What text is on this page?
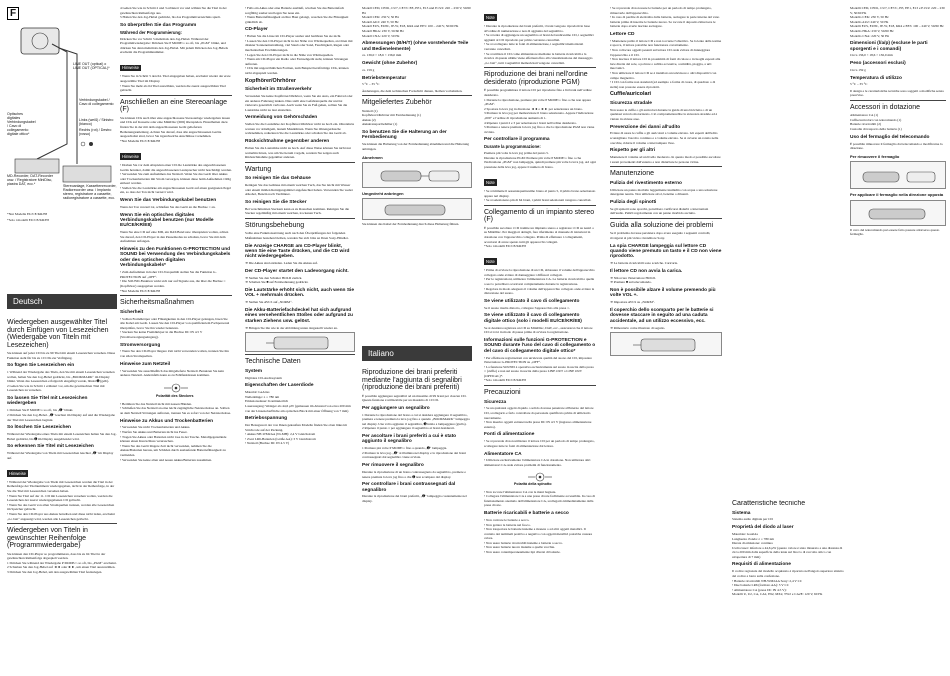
F
LINE OUT (optical) o LINE OUT (OPTICAL)*
Optisches digitales Verbindungskabel / Cavo di collegamento digitale ottico*
Verbindungskabel / Cavo di collegamento
Links (weiß) / Sinistro (bianco)
Rechts (rot) / Destro (rosso)
MD-Recorder, DAT-Recorder usw. / Registratore MiniDisc, piastra DAT, ecc.*	Stereoanlage, Kassettenrecorder, Radiorecorder usw. / Impianto stereo, registratore a cassette, radioregistratore a cassette, ecc.
*Nur Modelle EU/CE/KR/E8
*Solo i modelli EU/CE/KR/E8
Deutsch
Wiedergeben ausgewählter Titel durch Einfügen von Lesezeichen (Wiedergabe von Titeln mit Lesezeichen)
Sie können auf jeder CD bis zu 99 Titel mit einem Lesezeichen versehen. Diese Funktion steht für bis zu 10 CDs zur Verfügung.
So fügen Sie Lesezeichen ein
1 Während der Wiedergabe des Titels, den Sie mit einem Lesezeichen versehen wollen, halten Sie den Jog-Hebel gedrückt, bis „BOOKMARK“ im Display blinkt. Wenn das Lesezeichen erfolgreich eingefügt wurde, blinkt ➊ (gelb).
2 Gehen Sie wie in Schritt 1 erläutert vor, um die gewünschten Titel mit Lesezeichen zu versehen.
So lassen Sie Titel mit Lesezeichen wiedergeben
1 Drücken Sie P MODE/⌂ so oft, bis „➊“ blinkt.
2 Drücken Sie den Jog-Hebel. „➊“ leuchtet im Display auf und die Wiedergabe der Titel mit Lesezeichen beginnt.
So löschen Sie Lesezeichen
Während der Wiedergabe eines Titels mit einem Lesezeichen halten Sie den Jog-Hebel gedrückt, bis ➊ im Display ausgeblendet wird.
So erkennen Sie Titel mit Lesezeichen
Während der Wiedergabe von Titeln mit Lesezeichen leuchtet „➊“ im Display auf.
Hinweise
• Während der Wiedergabe von Titeln mit Lesezeichen werden die Titel in der Reihenfolge der Titelnummern wiedergegeben, nicht in der Reihenfolge, in der Sie die Titel mit Lesezeichen versehen haben.
• Wenn Sie Titel auf der 11. CD mit Lesezeichen versehen wollen, werden die Lesezeichen der zuerst wiedergegebenen CD gelöscht.
• Wenn Sie das Gerät von allen Stromquellen trennen, werden alle Lesezeichen im Speicher gelöscht.
• Wenn Sie den CD-Player aus Akkus betreiben und diese nicht laden, erscheint „Lo batt“ angezeigt wird, werden alle Lesezeichen gelöscht.
Wiedergeben von Titeln in gewünschter Reihenfolge (Programmwiedergabe)
Sie können den CD-Player so programmieren, dass bis zu 64 Titel in der gewünschten Reihenfolge abgespielt werden.
1 Drücken Sie während der Wiedergabe P MODE/⌂ so oft, bis „PGM“ erscheint.
2 Schieben Sie den Jog-Hebel auf ◄◄ oder ►►, um einen Titel auszuwählen.
3 Drücken Sie den Jog-Hebel, um den ausgewählten Titel festzulegen.
4 Gehen Sie wie in Schritt 2 und 3 erläutert vor und wählen Sie die Titel in der gewünschten Reihenfolge aus.
5 Halten Sie den Jog-Hebel gedrückt, bis das Programmverzeichnis spielt.
So überprüfen Sie das Programm
Während der Programmierung:
Drücken Sie vor Schritt 5 mehrmals den Jog-Hebel. Während der Programmwiedergabe: Drücken Sie P MODE/⌂ so oft, bis „PGM“ blinkt, und drücken Sie dann mehrmals den Jog-Hebel. Mit jedem Drücken des Jog-Hebels erscheint die Programmnummer.
Hinweise
• Wenn Sie in Schritt 5 den 64. Titel eingegeben haben, erscheint wieder der erste ausgewählte Titel im Display.
• Wenn Sie mehr als 64 Titel auswählen, werden die zuerst ausgewählten Titel gelöscht.
Anschließen an eine Stereoanlage (F)
Sie können CDs auch über eine angeschlossene Stereoanlage wiedergeben lassen und CDs auf Kassette oder eine MiniDisc (MD) überspielen. Einzelheiten dazu finden Sie in der mit dem angeschlossenen Gerät gelieferten Bedienungsanleitung. Achten Sie darauf, dass alle angeschlossenen Geräte ausgeschaltet sind, bevor Sie irgendwelche Anschlüsse vornehmen.
*Nur Modelle EU/CE/KR/E8
Hinweise
• Drehen Sie vor dem Abspielen einer CD die Lautstärke des angeschlossenen Geräts herunter, damit die angeschlossenen Lautsprecher nicht beschädigt werden.
• Verwenden Sie zum Aufnehmen das Netzteil. Wenn Sie das Gerät über Akkus oder Trockenbatterien mit Strom versorgen, können diese beim Aufnehmen völlig entleert werden.
• Stellen Sie die Lautstärke am angeschlossenen Gerät auf einen geeigneten Pegel ein, so dass der Ton nicht verzerrt wird.
Wenn Sie das Verbindungskabel benutzen
Wenn der Ton verzerrt ist, schließen Sie das Gerät an die Buchse ○ an.
Wenn Sie ein optisches digitales Verbindungskabel benutzen (nur Modelle EU/CE/KR/E8)
Wenn Sie eine CD auf eine MD, ein DAT-Band usw. überspielen wollen, achten Sie darauf, den CD-Player in den Pausemodus zu schalten, bevor Sie mit dem Aufnehmen anfangen.
Hinweis zu den Funktionen G-PROTECTION und SOUND bei Verwendung des Verbindungskabels oder des optischen digitalen Verbindungskabels*
• Zum Aufnehmen in hoher CD-Tonqualität stellen Sie die Funktion G-PROTECTION auf „OFF“.
• Die SOUND-Funktion wirkt sich nur auf Signale aus, die über die Buchse ○ (Kopfhörer) ausgegeben werden.
*Nur Modelle EU/CE/KR/E8
Sicherheitsmaßnahmen
Sicherheit
• Sollten Fremdkörper oder Flüssigkeiten in den CD-Player gelangen, lösen Sie alle Kabel am Gerät. Lassen Sie den CD-Player von qualifiziertem Fachpersonal überprüfen, bevor Sie ihn wieder benutzen.
• Stecken Sie keine Fremdkörper in die Buchse DC IN 4.5 V (Stromversorgungseingang).
Stromversorgung
• Wenn Sie den CD-Player längere Zeit nicht verwenden wollen, trennen Sie ihn von allen Stromquellen.
Hinweise zum Netzteil
• Verwenden Sie ausschließlich das mitgelieferte Netzteil. Benutzen Sie kein anderes Netzteil. Andernfalls kann es zu Fehlfunktionen kommen.
Polarität des Steckers
• Berühren Sie das Netzteil nicht mit nassen Händen.
• Schließen Sie das Netzteil an eine leicht zugängliche Netzsteckdose an. Sollten an dem Netzteil Störungen auftreten, trennen Sie es sofort von der Netzsteckdose.
Hinweise zu Akkus und Trockenbatterien
• Verwenden Sie nicht Trockenbatterien und Akkus.
• Werfen Sie Akkus und Batterien nicht ins Feuer.
• Tragen Sie Akkus oder Batterien nicht lose in der Tasche. Metallgegenstände können einen Kurzschluss verursachen.
• Wenn Sie das Gerät längere Zeit nicht verwenden, nehmen Sie die Akkus/Batterien heraus, um Schäden durch auslaufende Batterieflüssigkeit zu vermeiden.
• Verwenden Sie keine alten und neuen Akkus/Batterien zusammen.
• Falls ein Akku oder eine Batterie ausläuft, wischen Sie das Batteriefach sorgfältig sauber und legen Sie neue ein.
• Wenn Batterieflüssigkeit an Ihre Haut gelangt, waschen Sie die Flüssigkeit gründlich ab.
CD-Player
• Halten Sie die Linse im CD-Player sauber und berühren Sie sie nicht.
• Lassen Sie den CD-Player nicht in der Nähe von Wärmequellen, an Orten mit direkter Sonneneinstrahlung, viel Staub oder Sand, Feuchtigkeit, Regen oder mechanischen Erschütterungen.
• Legen Sie den CD-Player nicht in die Nähe von Wärmequellen.
• Wenn am CD-Player ein Radio oder Fernsehgerät steht, können Störungen auftreten.
• CDs mit ungewöhnlichen Formen, zum Beispiel herzförmige CDs, können nicht abgespielt werden.
Kopfhörer/Ohrhörer
Sicherheit im Straßenverkehr
Verwenden Sie keine Kopfhörer/Ohrhörer, wenn Sie ein Auto, ein Fahrrad oder ein anderes Fahrzeug lenken. Dies stellt eine Gefahrenquelle dar und ist vielerorts gesetzlich verboten. Auch wenn Sie zu Fuß gehen, sollten Sie die Lautstärke nicht zu laut einstellen.
Vermeidung von Gehörschäden
Stellen Sie die Lautstärke der Kopfhörer/Ohrhörer nicht zu hoch ein. Ohrenärzte warnen vor ständigem, lautem Musikhören. Wenn Sie Ohrengeräusche wahrnehmen, reduzieren Sie die Lautstärke oder schalten Sie das Gerät ab.
Rücksichtnahme gegenüber anderen
Halten Sie die Lautstärke nicht zu hoch. Auf diese Weise können Sie nicht nur weiterhin hören, was um Sie herum vorgeht, sondern Sie zeigen auch Rücksichtnahme gegenüber anderen.
Wartung
So reinigen Sie das Gehäuse
Reinigen Sie das Gehäuse mit einem weichen Tuch, das Sie leicht mit Wasser oder einem milden Reinigungsmittel angefeuchtet haben. Verwenden Sie weder Alkohol, Benzin noch Verdünner.
So reinigen Sie die Stecker
Bei verschmutzten Steckern kann es zu Rauschen kommen. Reinigen Sie die Stecker regelmäßig mit einem weichen, trockenen Tuch.
Störungsbehebung
Sollte eine Funktionsstörung auch nach den Überprüfungen der folgenden Maßnahmen bestehen bleiben, wenden Sie sich bitte an Ihren Sony-Händler.
Die Anzeige CHARGE am CD-Player blinkt, wenn Sie eine Taste drücken, und die CD wird nicht wiedergegeben.
➜ Die Akkus sind entladen. Laden Sie die Akkus auf.
Der CD-Player startet den Ladevorgang nicht.
➜ Stellen Sie den Schalter HOLD zurück.
➜ Schalten Sie ■ auf Fernbedienung gedrückt.
Die Lautstärke erhöht sich nicht, auch wenn Sie VOL + mehrmals drücken.
➜ Stellen Sie AVLS auf „NORM“.
Die Akku-Batteriefachdeckel hat sich aufgrund eines versehentlichen Stoßes oder aufgrund zu starken Ziehens usw. gelöst.
➜ Bringen Sie ihn wie in der Abbildung unten dargestellt wieder an.
Technische Daten
System
Digitales CD-Audiosystem
Eigenschaften der Laserdiode
Material: GaAlAs
Wellenlänge: λ = 780 nm
Emissionsdauer: Kontinuierlich
Laserausgang: Weniger als 44,6 μW (gemessen im Abstand von etwa 200 mm von der Linsenoberfläche am optischen Block mit einer Öffnung von 7 mm)
Betriebsspannung
Der Bezugswert der von Ihnen gekauften Modelle finden Sie oben links im Strichcode auf der Packung.
• Akkus NH-WM2AA (Ni-MH): 2,4 V Gleichstrom
• Zwei LR6-Batterien (Größe AA): 3 V Gleichstrom
• Netzteil (Buchse DC IN 4.5 V)
Modell CED, CED1, CU7, CE7/C EE, EE1, E13 und E13/2: 220 – 230 V, 50/60 Hz
Modell CEK: 230 V, 50 Hz
Modell AU2: 240 V, 50 Hz
Modell EUS, EU8C, JE.W, E18, KR4 und EE5: 100 – 240 V, 50/60 Hz
Modell HKA: 230 V, 50/60 Hz
Modell CNA: 220 V, 50 Hz
Abmessungen (B/H/T) (ohne vorstehende Teile und Bedienelemente)
ca. 136,0 × 18,6 × 136,0 mm
Gewicht (ohne Zubehör)
ca. 159 g
Betriebstemperatur
5 °C – 35 °C
Änderungen, die dem technischen Fortschritt dienen, bleiben vorbehalten.
Mitgeliefertes Zubehör
Netzteil (1)
Kopfhörer/Ohrhörer mit Fernbedienung (1)
Akkus (2)
Akkutransportbehälter (1)
So benutzen Sie die Halterung an der Fernbedienung
Sie können die Halterung von der Fernbedienung abnehmen und die Halterung anbringen.
Abnehmen
Umgedreht anbringen
Sie können das Kabel der Fernbedienung durch diese Halterung führen.
Italiano
Riproduzione dei brani preferiti mediante l'aggiunta di segnalibri (riproduzione dei brani preferiti)
È possibile aggiungere segnalibri ad un massimo di 99 brani per ciascun CD. Questa funzione è utilizzabile per un massimo di 10 CD.
Per aggiungere un segnalibro
1 Durante la riproduzione del brano a cui si desidera aggiungere il segnalibro, premere e tenere premuta la leva jog fino a quando „BOOKMARK“ lampeggia nel display. Una volta aggiunto il segnalibro, ➊ inizia a lampeggiare (giallo).
2 Ripetere il punto 1 per aggiungere il segnalibro ai brani desiderati.
Per ascoltare i brani preferiti a cui è stato aggiunto il segnalibro
1 Premere più volte P MODE/⌂ fino a quando „➊“ lampeggia.
2 Premere la leva jog. „➊“ si illumina nel display e la riproduzione dei brani contrassegnati dal segnalibro viene avviata.
Per rimuovere il segnalibro
Durante la riproduzione di un brano contrassegnato da segnalibro, premere e tenere premuta la leva jog fino a che ➊ non scompare dal display.
Per controllare i brani contrassegnati dal segnalibro
Durante la riproduzione dei brani preferiti, „➊“ lampeggia costantemente nel display.
Note
• Durante la riproduzione dei brani preferiti, i brani vengono riprodotti in base all'ordine di numerazione e non di aggiunta del segnalibro.
• Se si tenta di aggiungere un segnalibro ai brani del undicesimo CD, i segnalibri aggiunti al CD riprodotto per primo verranno cancellati.
• Se si scollegano tutte le fonti di alimentazione, i segnalibri memorizzati verranno cancellati.
• Se si utilizza il CD come alimentatore mediante le batterie ricaricabili e la ricarica di queste ultime viene effettuata fino alla visualizzazione del messaggio „Lo batt“, tutti i segnalibri memorizzati vengono cancellati.
Riproduzione dei brani nell'ordine desiderato (riproduzione PGM)
È possibile programmare il lettore CD per riprodurre fino a 64 brani nell'ordine desiderato.
1 Durante la riproduzione, premere più volte P MODE/⌂ fino a che non appare „PGM“.
2 Spostare la leva jog in direzione ◄◄ o ►► per selezionare un brano.
3 Premere la leva jog per memorizzare il brano selezionato. Appare l'indicazione „000“ e l'ordine di riproduzione aumenta di 1.
4 Ripetere i punti 2 e 3 per selezionare i brani nell'ordine desiderato.
5 Premere e tenere premuta la leva jog fino a che la riproduzione PGM non viene avviata.
Per controllare il programma
Durante la programmazione:
Premere più volte la leva jog prima del punto 5.
Durante la riproduzione PGM: Premere più volte P MODE/⌂ fino a che l'indicazione „PGM“ non lampeggia, quindi premere più volte la leva jog. Ad ogni pressione della leva jog, appare il numero di brano.
Note
• Se si immette il sessantaquattresimo brano al punto 5, il primo brano selezionato appare nel display.
• Se si selezionano più di 64 brani, i primi brani selezionati vengono cancellati.
Collegamento di un impianto stereo (F)
È possibile ascoltare i CD tramite un impianto stereo e registrare i CD su nastri o su MiniDisc. Per maggiori dettagli, fare riferimento al manuale di istruzioni in dotazione con l'apparecchio collegato. Prima di effettuare i collegamenti, accertarsi di avere spento tutti gli apparecchi collegati.
*Solo i modelli EU/CE/KR/E8
Note
• Prima di avviare la riproduzione di un CD, abbassare il volume dell'apparecchio collegato onde evitare di danneggiare i diffusori collegati.
• Per le registrazioni, utilizzare l'alimentatore CA. Le batterie ricaricabili e quelle a secco potrebbero scaricarsi completamente durante la registrazione.
• Regolare in modo adeguato il volume dell'apparecchio collegato onde evitare la distorsione del suono.
Se viene utilizzato il cavo di collegamento
Se il suono risulta distorto, collegare l'apparecchio alla presa ○.
Se viene utilizzato il cavo di collegamento digitale ottico (solo i modelli EU/CE/KR/E8)
Se si desidera registrare un CD su MiniDisc, DAT, ecc., assicurarsi che il lettore CD si trovi in modo di pausa prima di avviare la registrazione.
Informazioni sulle funzioni G-PROTECTION e SOUND durante l'uso del cavo di collegamento o del cavo di collegamento digitale ottico*
• Per effettuare registrazioni con un'elevata qualità del suono del CD, impostare l'interruttore G-PROTECTION su „OFF“.
• La funzione SOUND è operativa esclusivamente sul suono in uscita dalla presa ○ (cuffie) e non sul suono in uscita dalla presa LINE OUT o LINE OUT (OPTICAL)*.
*Solo i modelli EU/CE/KR/E8
Precauzioni
Sicurezza
• Se un qualsiasi oggetto liquido o solido dovesse penetrare all'interno del lettore CD, scollegarlo e farlo controllare da personale qualificato prima di utilizzarlo nuovamente.
• Non inserire oggetti estranei nella presa DC IN 4.5 V (ingresso alimentazione esterna).
Fonti di alimentazione
• Se si prevede di non utilizzare il lettore CD per un periodo di tempo prolungato, scollegare tutte le fonti di alimentazione dal lettore.
Alimentatore CA
• Utilizzare esclusivamente l'alimentatore CA in dotazione. Non utilizzare altri alimentatori CA onde evitare problemi di funzionamento.
Polarità della spinotto
• Non toccare l'alimentatore CA con le mani bagnate.
• Collegare l'alimentatore CA a una presa di rete facilmente accessibile. In caso di funzionamento anomalo dell'alimentatore CA, scollegarlo immediatamente dalla presa di rete.
Batterie ricaricabili e batterie a secco
• Non caricare le batterie a secco.
• Non gettare le batterie nel fuoco.
• Non trasportare le batterie insieme a monete o ad altri oggetti metallici. Il contatto dei terminali positivo e negativo con oggetti metallici potrebbe causare calore.
• Non usare batterie ricaricabili insieme a batterie a secco.
• Non usare batterie nuove insieme a quelle vecchie.
• Non usare contemporaneamente tipi diversi di batterie.
• Se si prevede di non usare le batterie per un periodo di tempo prolungato, rimuoverle dall'apparecchio.
• In caso di perdite di elettrolita dalle batterie, asciugare la parte interna del vano batterie prima di inserire le batterie nuove. Se toccate il deposito rimuovere le batterie dopo averle lasciate asciugare.
Lettore CD
• Mantenere pulito il lettore CD e non toccarne l'obiettivo. Se la lente della testina è sporca, il lettore potrebbe non funzionare correttamente.
• Non collocare oggetti pesanti sul lettore CD onde evitare di danneggiare l'apparecchio e il CD.
• Non lasciare il lettore CD in prossimità di fonti di calore o in luoghi esposti alla luce diretta del sole, a polvere o sabbia eccessive, a umidità, pioggia, a urti meccanici.
• Non utilizzare il lettore CD se è installato un televisore o altri dispositivi con campo magnetico.
• I CD con forme non standard (ad esempio a forma di cuore, di quadrato o di stella) non possono essere riprodotti.
Cuffie/auricolari
Sicurezza stradale
Non usare le cuffie o gli auricolari durante la guida di una bicicletta o di un qualsiasi veicolo motorizzato. Ciò comprometterebbe la sicurezza stradale ed è vietato in alcune aree.
Prevenzione dei danni all'udito
Evitare di usare le cuffie o gli auricolari a volume elevato. Gli esperti dell'udito sconsigliano l'ascolto continuo e a volume elevato. Se si avverte un ronzio nelle orecchie, ridurre il volume o interrompere l'uso.
Rispetto per gli altri
Mantenere il volume ad un livello moderato. In questo modo è possibile ascoltare i suoni provenienti dall'esterno e non disturbare le persone vicine.
Manutenzione
Pulizia del rivestimento esterno
Utilizzare un panno morbido leggermente inumidito con acqua o una soluzione detergente neutra. Non utilizzare alcol, benzina o diluenti.
Pulizia degli spinotti
Se gli spinotti sono sporchi, potrebbero verificarsi disturbi o interruzioni dell'audio. Pulirli regolarmente con un panno morbido asciutto.
Guida alla soluzione dei problemi
Se il problema dovesse persistere dopo avere eseguito i seguenti controlli, rivolgersi al più vicino rivenditore Sony.
La spia CHARGE lampeggia sul lettore CD quando viene premuto un tasto e il CD non viene riprodotto.
➜ Le batterie ricaricabili sono scariche. Caricarle.
Il lettore CD non avvia la carica.
➜ Sbloccare l'interruttore HOLD.
➜ Premere ■ sul telecomando.
Non è possibile alzare il volume premendo più volte VOL +.
➜ Impostare AVLS su „NORM“.
Il coperchio dello scomparto per le batterie si dovesse staccare in seguito ad una caduta accidentale, ad un utilizzo eccessivo, ecc.
➜ Rimontarlo come illustrato di seguito.
Caratteristiche tecniche
Sistema
Sistema audio digitale per CD
Proprietà del diodo al laser
Materiale: GaAlAs
Lunghezza d'onda: λ = 780 nm
Durata di emissione: continua
Uscita laser: inferiore a 44,6 μW (questo valore è stato misurato a una distanza di circa 200 mm dalla superficie della lente sul blocco di raccolta ottico con un'apertura di 7 mm)
Requisiti di alimentazione
Il codice regionale del modello acquistato è riportato nell'angolo superiore sinistro del codice a barre sulla confezione.
• Batterie ricaricabili NH-WM2AA Sony: 2,4 V CC
• Due batterie LR6 (formato AA): 3 V CC
• Alimentatore CA (presa DC IN 4.5 V):
Modelli U, U2, CA, CA2, E92, MX2, TW2 e CA2E: 120 V, 60 Hz
Modelli CED, CED1, CU7, CE7/C, EE, EE1, E13 e E13/2: 220 – 230 V, 50/60 Hz
Modello CEK: 230 V, 50 Hz
Modello AU2: 240 V, 50 Hz
Modelli EUS, EU8C, JE.W, E18, KR4 e EE5: 100 – 240 V, 50/60 Hz
Modello HKA: 230 V, 50/60 Hz
Modello CNA: 220 V, 50 Hz
Dimensioni (l/a/p) (escluse le parti sporgenti e i comandi)
Circa 136,0 × 18,6 × 136,0 mm
Peso (accessori esclusi)
Circa 159 g
Temperatura di utilizzo
5 °C – 35 °C
Il design e le caratteristiche tecniche sono soggetti a modifiche senza preavviso.
Accessori in dotazione
Alimentatore CA (1)
Cuffie/auricolari con telecomando (1)
Batterie ricaricabili (2)
Custodia di trasporto della batteria (1)
Uso del fermaglio del telecomando
È possibile rimuovere il fermaglio dal telecomando e modificarne la direzione.
Per rimuovere il fermaglio
Per applicare il fermaglio nella direzione opposta
Il cavo del telecomando può essere fatto passare attraverso questo fermaglio.
